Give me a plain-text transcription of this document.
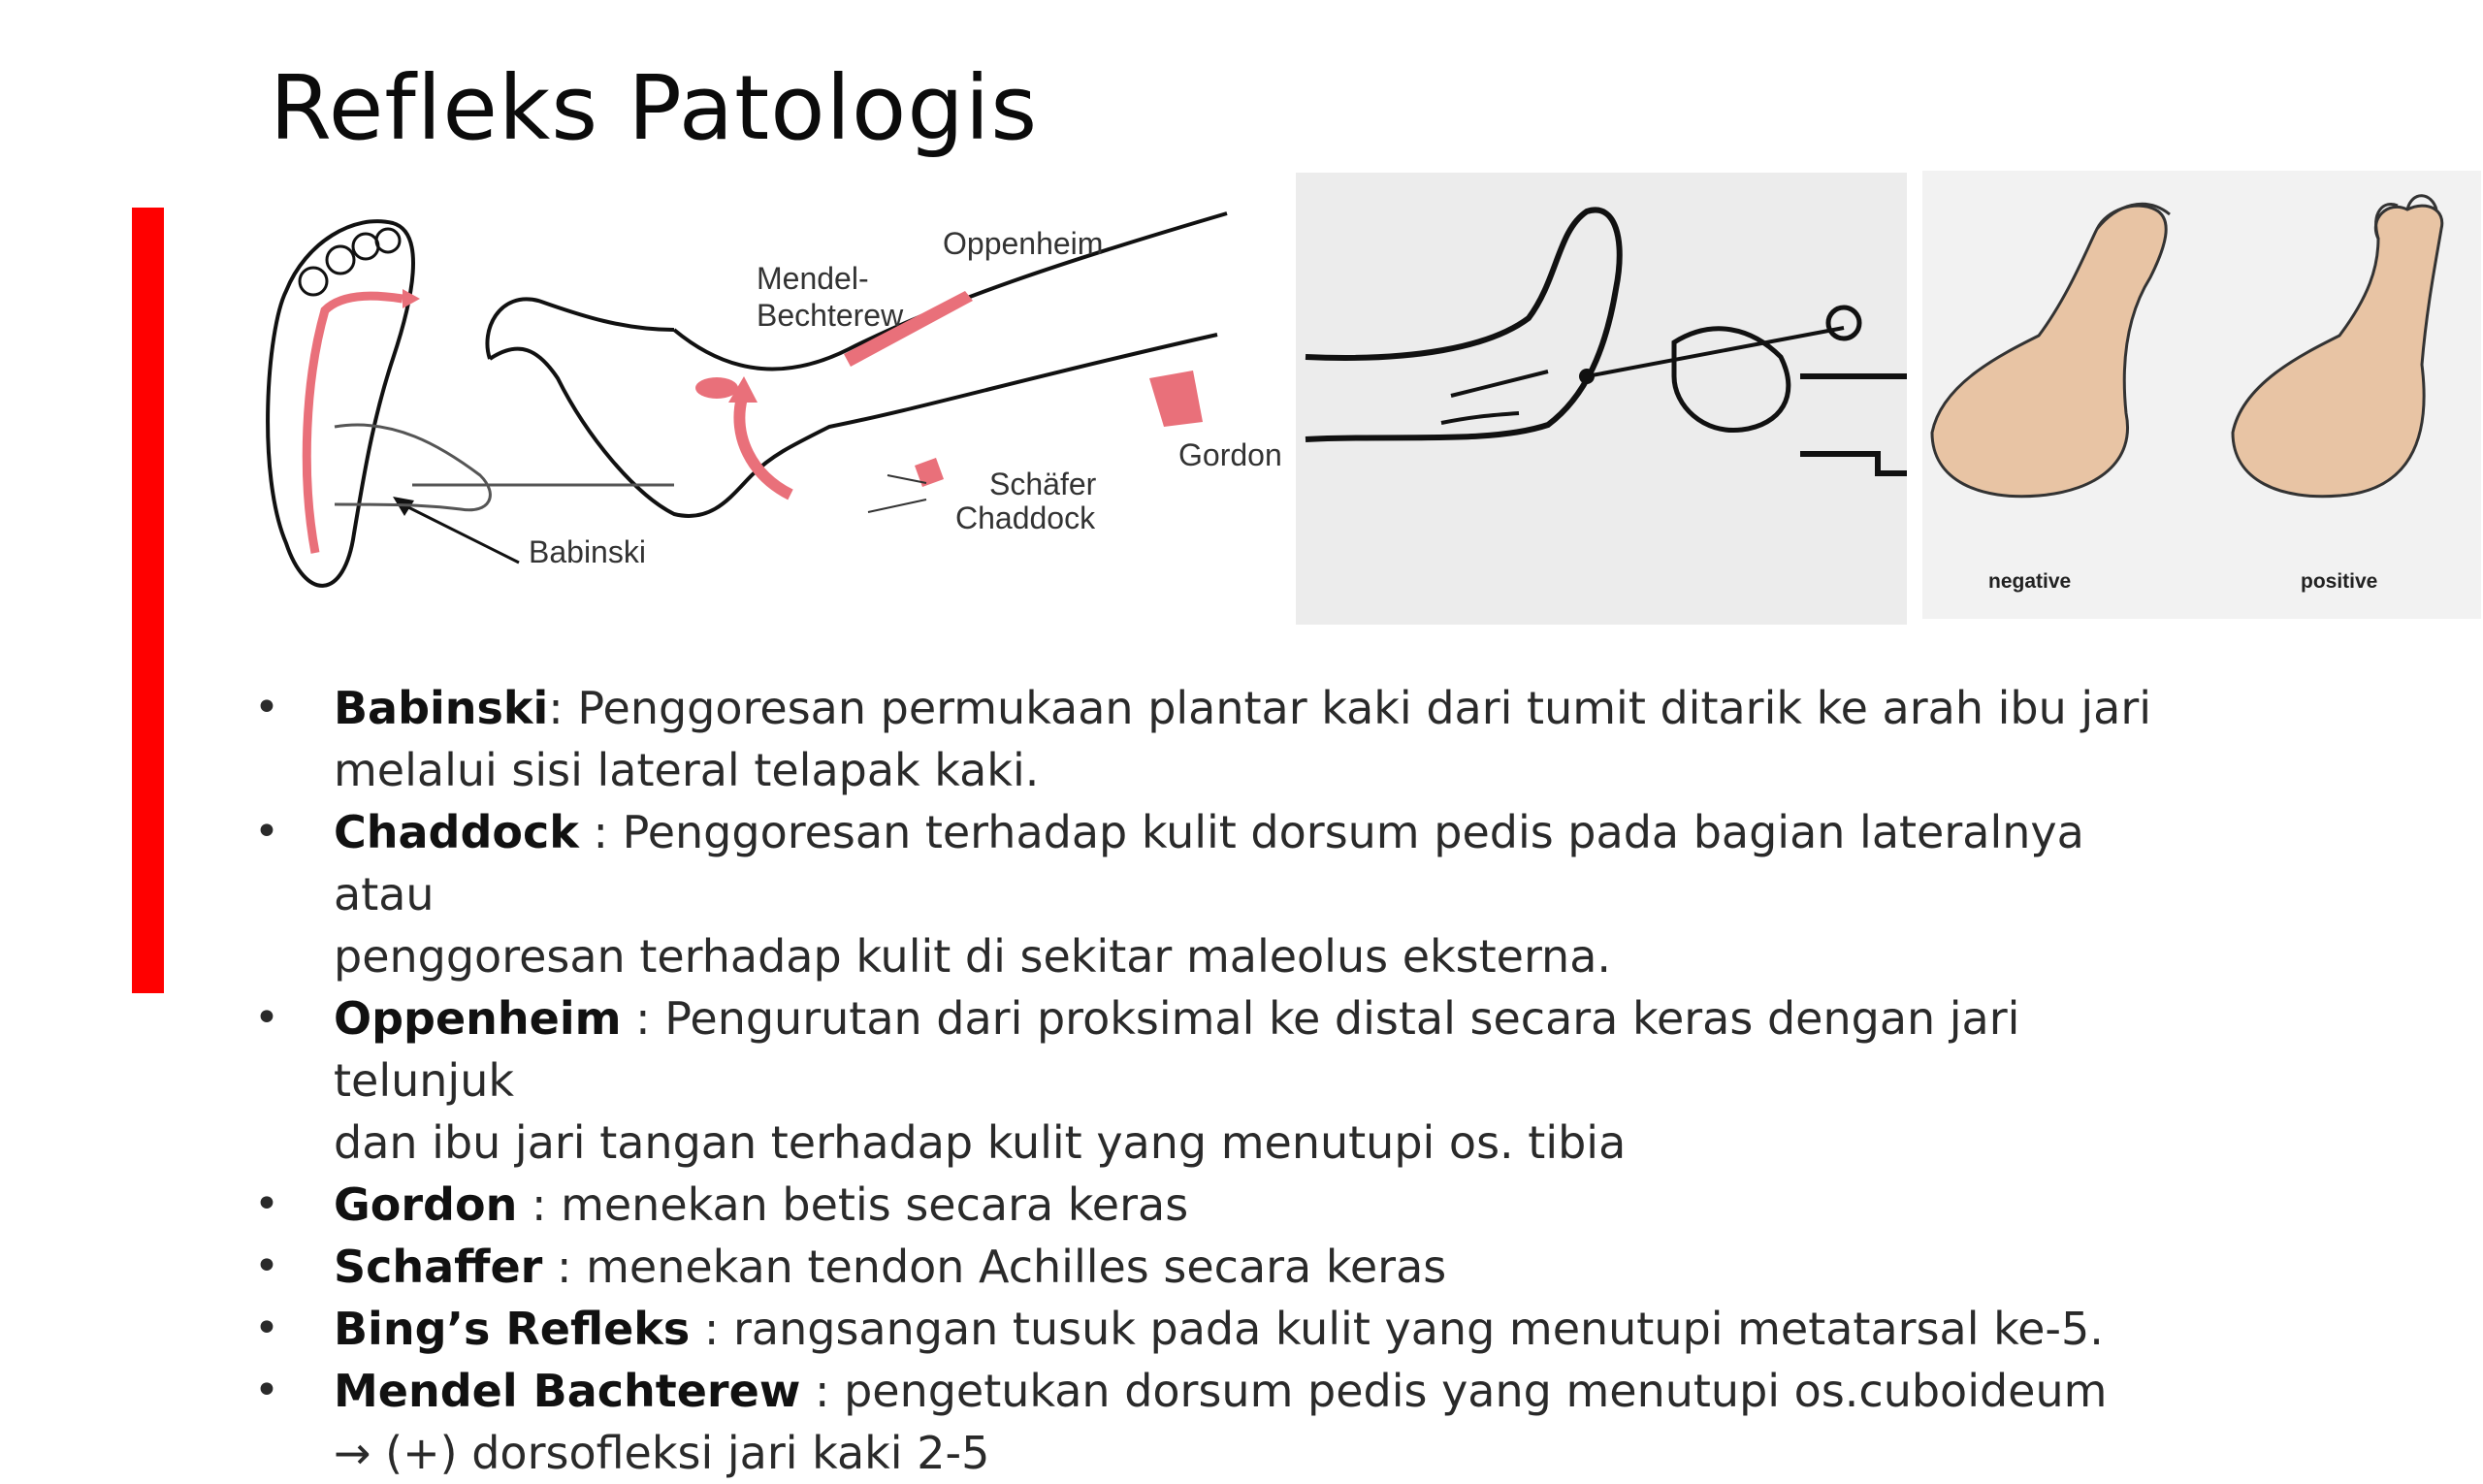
Refleks Patologis
Mendel-
Bechterew
Oppenheim
Gordon
Schäfer
Chaddock
Babinski
negative	positive
• Babinski: Penggoresan permukaan plantar kaki dari tumit ditarik ke arah ibu jari
melalui sisi lateral telapak kaki.
• Chaddock : Penggoresan terhadap kulit dorsum pedis pada bagian lateralnya atau
penggoresan terhadap kulit di sekitar maleolus eksterna.
• Oppenheim : Pengurutan dari proksimal ke distal secara keras dengan jari telunjuk
dan ibu jari tangan terhadap kulit yang menutupi os. tibia
• Gordon : menekan betis secara keras
• Schaffer : menekan tendon Achilles secara keras
• Bing’s Refleks : rangsangan tusuk pada kulit yang menutupi metatarsal ke-5.
• Mendel Bachterew : pengetukan dorsum pedis yang menutupi os.cuboideum
→ (+) dorsofleksi jari kaki 2-5
